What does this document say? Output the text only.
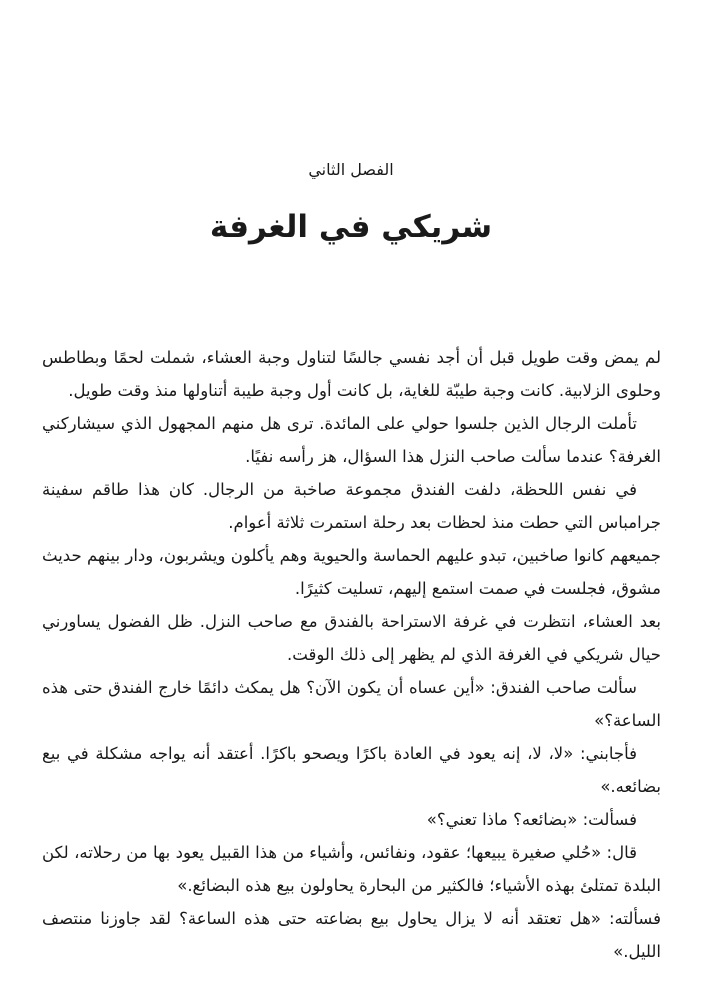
الفصل الثاني
شريكي في الغرفة

لم يمض وقت طويل قبل أن أجد نفسي جالسًا لتناول وجبة العشاء، شملت لحمًا وبطاطس وحلوى الزلابية. كانت وجبة طيبّة للغاية، بل كانت أول وجبة طيبة أتناولها منذ وقت طويل.

تأملت الرجال الذين جلسوا حولي على المائدة. ترى هل منهم المجهول الذي سيشاركني الغرفة؟ عندما سألت صاحب النزل هذا السؤال، هز رأسه نفيًا.

في نفس اللحظة، دلفت الفندق مجموعة صاخبة من الرجال. كان هذا طاقم سفينة جرامباس التي حطت منذ لحظات بعد رحلة استمرت ثلاثة أعوام.

جميعهم كانوا صاخبين، تبدو عليهم الحماسة والحيوية وهم يأكلون ويشربون، ودار بينهم حديث مشوق، فجلست في صمت استمع إليهم، تسليت كثيرًا.

بعد العشاء، انتظرت في غرفة الاستراحة بالفندق مع صاحب النزل. ظل الفضول يساورني حيال شريكي في الغرفة الذي لم يظهر إلى ذلك الوقت.

سألت صاحب الفندق: «أين عساه أن يكون الآن؟ هل يمكث دائمًا خارج الفندق حتى هذه الساعة؟»

فأجابني: «لا، لا، إنه يعود في العادة باكرًا ويصحو باكرًا. أعتقد أنه يواجه مشكلة في بيع بضائعه.»

فسألت: «بضائعه؟ ماذا تعني؟»

قال: «حُلي صغيرة يبيعها؛ عقود، ونفائس، وأشياء من هذا القبيل يعود بها من رحلاته، لكن البلدة تمتلئ بهذه الأشياء؛ فالكثير من البحارة يحاولون بيع هذه البضائع.»

فسألته: «هل تعتقد أنه لا يزال يحاول بيع بضاعته حتى هذه الساعة؟ لقد جاوزنا منتصف الليل.»
